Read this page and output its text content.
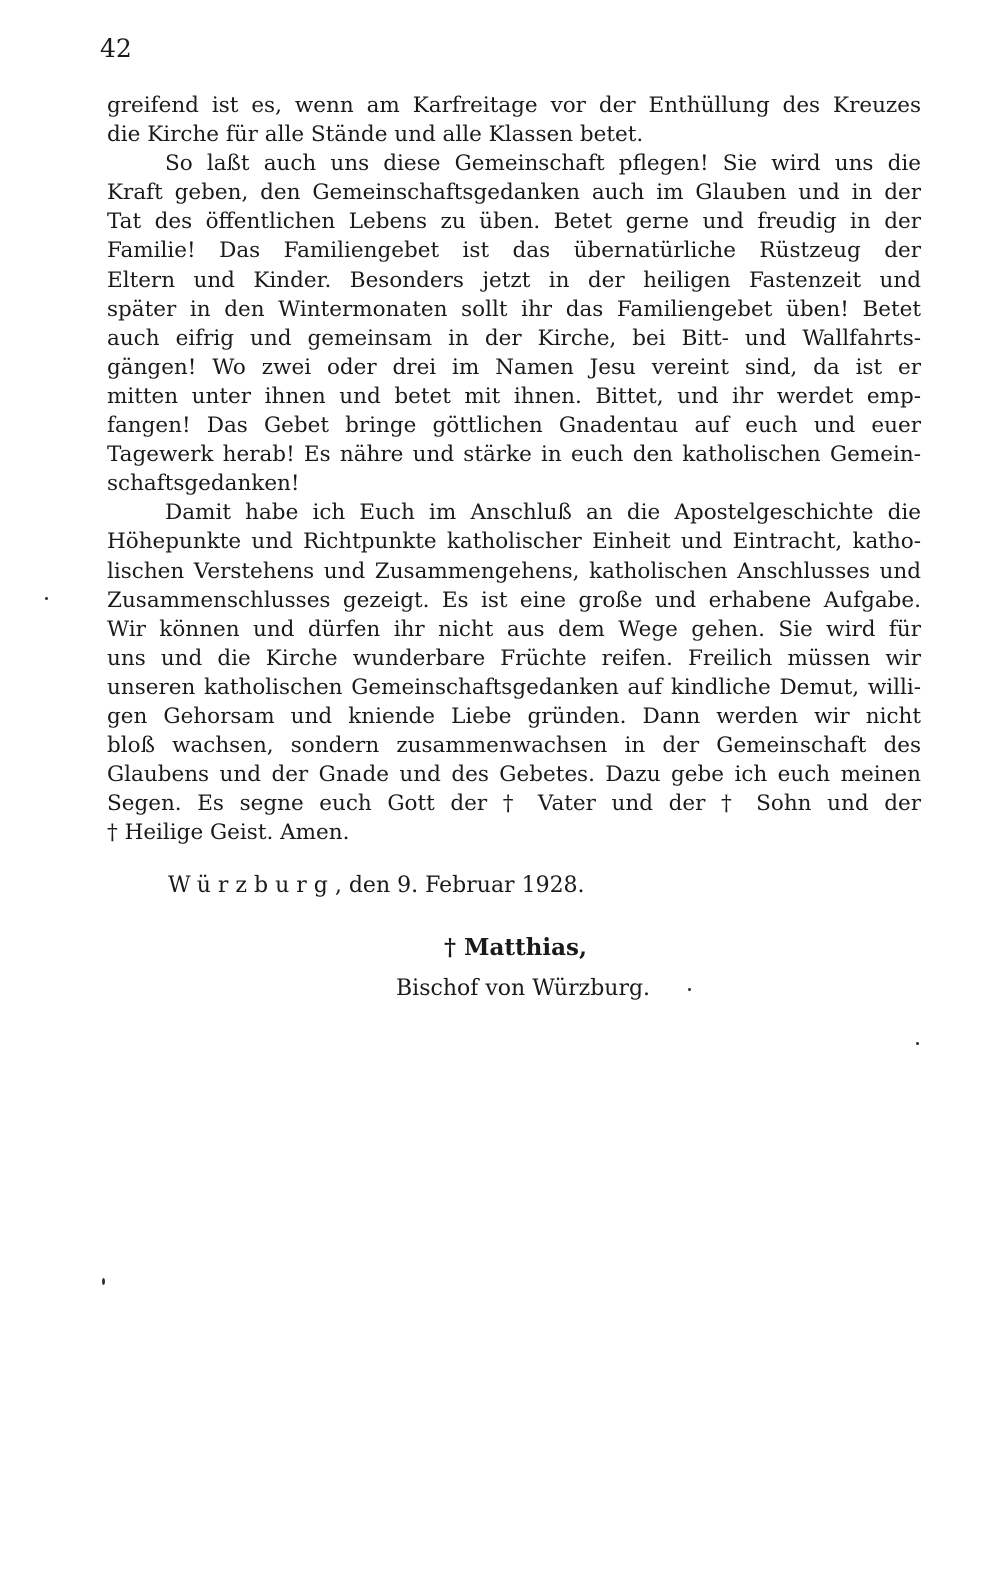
42
greifend ist es, wenn am Karfreitage vor der Enthüllung des Kreuzes
die Kirche für alle Stände und alle Klassen betet.
So laßt auch uns diese Gemeinschaft pflegen! Sie wird uns die
Kraft geben, den Gemeinschaftsgedanken auch im Glauben und in der
Tat des öffentlichen Lebens zu üben. Betet gerne und freudig in der
Familie! Das Familiengebet ist das übernatürliche Rüstzeug der
Eltern und Kinder. Besonders jetzt in der heiligen Fastenzeit und
später in den Wintermonaten sollt ihr das Familiengebet üben! Betet
auch eifrig und gemeinsam in der Kirche, bei Bitt- und Wallfahrts-
gängen! Wo zwei oder drei im Namen Jesu vereint sind, da ist er
mitten unter ihnen und betet mit ihnen. Bittet, und ihr werdet emp-
fangen! Das Gebet bringe göttlichen Gnadentau auf euch und euer
Tagewerk herab! Es nähre und stärke in euch den katholischen Gemein-
schaftsgedanken!
Damit habe ich Euch im Anschluß an die Apostelgeschichte die
Höhepunkte und Richtpunkte katholischer Einheit und Eintracht, katho-
lischen Verstehens und Zusammengehens, katholischen Anschlusses und
Zusammenschlusses gezeigt. Es ist eine große und erhabene Aufgabe.
Wir können und dürfen ihr nicht aus dem Wege gehen. Sie wird für
uns und die Kirche wunderbare Früchte reifen. Freilich müssen wir
unseren katholischen Gemeinschaftsgedanken auf kindliche Demut, willi-
gen Gehorsam und kniende Liebe gründen. Dann werden wir nicht
bloß wachsen, sondern zusammenwachsen in der Gemeinschaft des
Glaubens und der Gnade und des Gebetes. Dazu gebe ich euch meinen
Segen. Es segne euch Gott der † Vater und der † Sohn und der
† Heilige Geist. Amen.
Würzburg, den 9. Februar 1928.
† Matthias,
Bischof von Würzburg.
